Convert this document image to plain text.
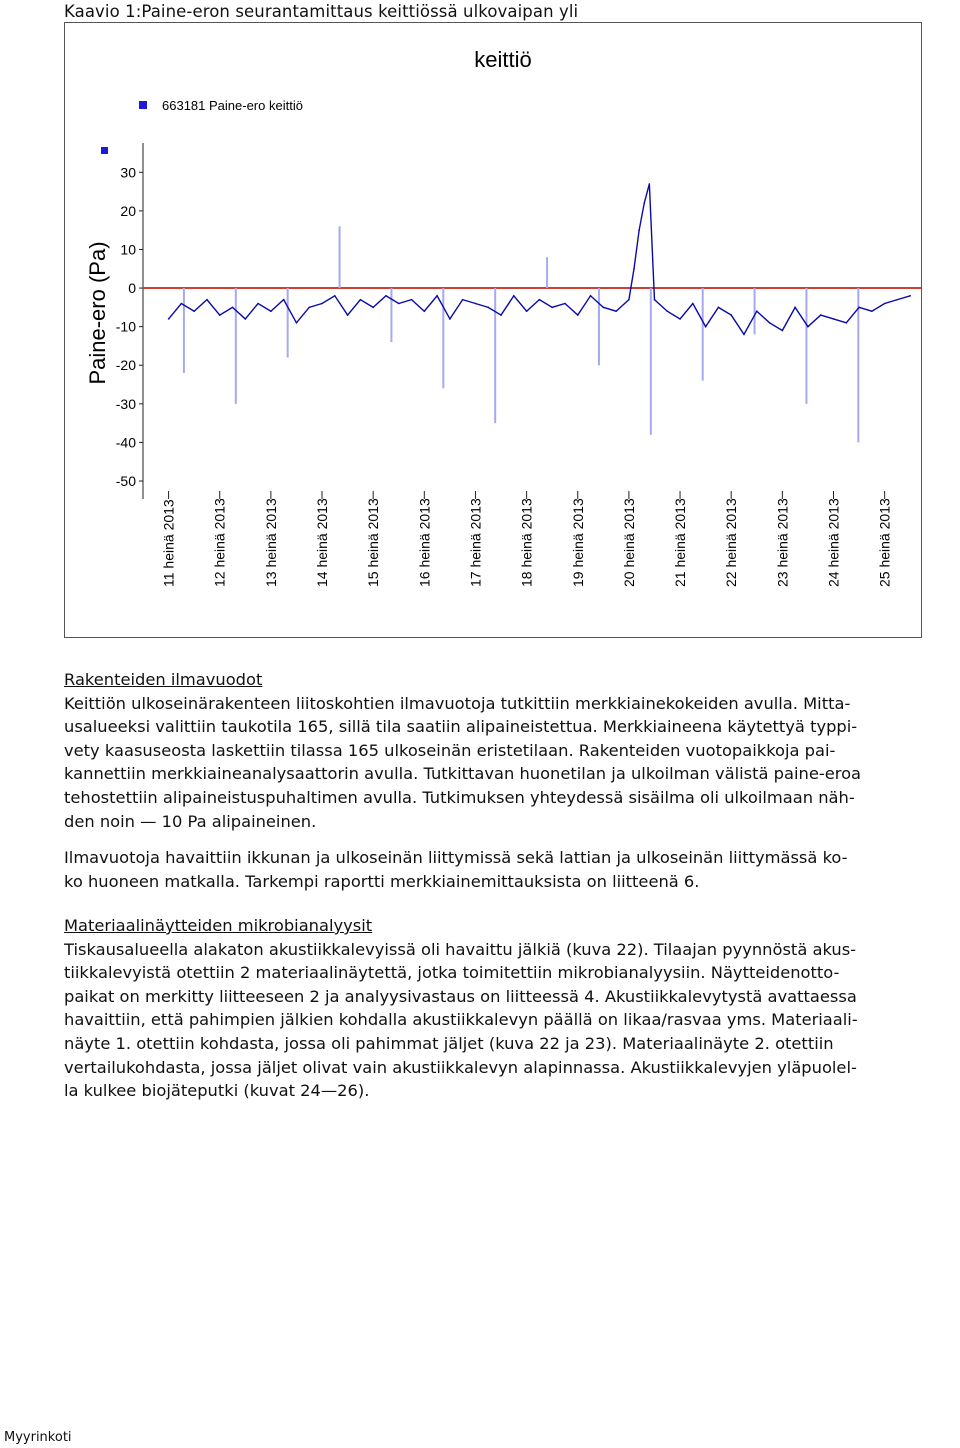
Kaavio 1:Paine-eron seurantamittaus keittiössä ulkovaipan yli
keittiö
663181 Paine-ero keittiö
Paine-ero (Pa)
30
20
10
0
-10
-20
-30
-40
-50
11 heinä 2013	12 heinä 2013	13 heinä 2013	14 heinä 2013	15 heinä 2013	16 heinä 2013	17 heinä 2013	18 heinä 2013	19 heinä 2013	20 heinä 2013	21 heinä 2013	22 heinä 2013	23 heinä 2013	24 heinä 2013	25 heinä 2013
Rakenteiden ilmavuodot
Keittiön ulkoseinärakenteen liitoskohtien ilmavuotoja tutkittiin merkkiainekokeiden avulla. Mitta-
usalueeksi valittiin taukotila 165, sillä tila saatiin alipaineistettua. Merkkiaineena käytettyä typpi-
vety kaasuseosta laskettiin tilassa 165 ulkoseinän eristetilaan. Rakenteiden vuotopaikkoja pai-
kannettiin merkkiaineanalysaattorin avulla. Tutkittavan huonetilan ja ulkoilman välistä paine-eroa
tehostettiin alipaineistuspuhaltimen avulla. Tutkimuksen yhteydessä sisäilma oli ulkoilmaan näh-
den noin — 10 Pa alipaineinen.
Ilmavuotoja havaittiin ikkunan ja ulkoseinän liittymissä sekä lattian ja ulkoseinän liittymässä ko-
ko huoneen matkalla. Tarkempi raportti merkkiainemittauksista on liitteenä 6.
Materiaalinäytteiden mikrobianalyysit
Tiskausalueella alakaton akustiikkalevyissä oli havaittu jälkiä (kuva 22). Tilaajan pyynnöstä akus-
tiikkalevyistä otettiin 2 materiaalinäytettä, jotka toimitettiin mikrobianalyysiin. Näytteidenotto-
paikat on merkitty liitteeseen 2 ja analyysivastaus on liitteessä 4. Akustiikkalevytystä avattaessa
havaittiin, että pahimpien jälkien kohdalla akustiikkalevyn päällä on likaa/rasvaa yms. Materiaali-
näyte 1. otettiin kohdasta, jossa oli pahimmat jäljet (kuva 22 ja 23). Materiaalinäyte 2. otettiin
vertailukohdasta, jossa jäljet olivat vain akustiikkalevyn alapinnassa. Akustiikkalevyjen yläpuolel-
la kulkee biojäteputki (kuvat 24—26).
Myyrinkoti
